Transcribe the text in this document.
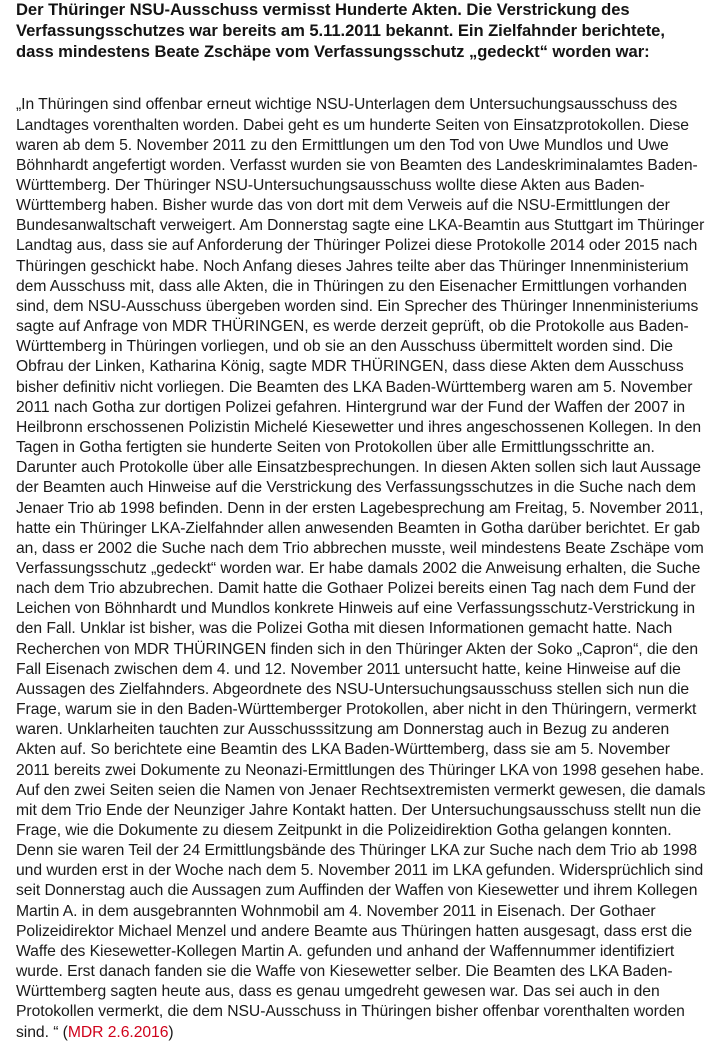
Der Thüringer NSU-Ausschuss vermisst Hunderte Akten. Die Verstrickung des Verfassungsschutzes war bereits am 5.11.2011 bekannt. Ein Zielfahnder berichtete, dass mindestens Beate Zschäpe vom Verfassungsschutz „gedeckt“ worden war:

„In Thüringen sind offenbar erneut wichtige NSU-Unterlagen dem Untersuchungsausschuss des Landtages vorenthalten worden. Dabei geht es um hunderte Seiten von Einsatzprotokollen. Diese waren ab dem 5. November 2011 zu den Ermittlungen um den Tod von Uwe Mundlos und Uwe Böhnhardt angefertigt worden. Verfasst wurden sie von Beamten des Landeskriminalamtes Baden-Württemberg. Der Thüringer NSU-Untersuchungsausschuss wollte diese Akten aus Baden-Württemberg haben. Bisher wurde das von dort mit dem Verweis auf die NSU-Ermittlungen der Bundesanwaltschaft verweigert. Am Donnerstag sagte eine LKA-Beamtin aus Stuttgart im Thüringer Landtag aus, dass sie auf Anforderung der Thüringer Polizei diese Protokolle 2014 oder 2015 nach Thüringen geschickt habe. Noch Anfang dieses Jahres teilte aber das Thüringer Innenministerium dem Ausschuss mit, dass alle Akten, die in Thüringen zu den Eisenacher Ermittlungen vorhanden sind, dem NSU-Ausschuss übergeben worden sind. Ein Sprecher des Thüringer Innenministeriums sagte auf Anfrage von MDR THÜRINGEN, es werde derzeit geprüft, ob die Protokolle aus Baden-Württemberg in Thüringen vorliegen, und ob sie an den Ausschuss übermittelt worden sind. Die Obfrau der Linken, Katharina König, sagte MDR THÜRINGEN, dass diese Akten dem Ausschuss bisher definitiv nicht vorliegen. Die Beamten des LKA Baden-Württemberg waren am 5. November 2011 nach Gotha zur dortigen Polizei gefahren. Hintergrund war der Fund der Waffen der 2007 in Heilbronn erschossenen Polizistin Michelé Kiesewetter und ihres angeschossenen Kollegen. In den Tagen in Gotha fertigten sie hunderte Seiten von Protokollen über alle Ermittlungsschritte an. Darunter auch Protokolle über alle Einsatzbesprechungen. In diesen Akten sollen sich laut Aussage der Beamten auch Hinweise auf die Verstrickung des Verfassungsschutzes in die Suche nach dem Jenaer Trio ab 1998 befinden. Denn in der ersten Lagebesprechung am Freitag, 5. November 2011, hatte ein Thüringer LKA-Zielfahnder allen anwesenden Beamten in Gotha darüber berichtet. Er gab an, dass er 2002 die Suche nach dem Trio abbrechen musste, weil mindestens Beate Zschäpe vom Verfassungsschutz „gedeckt“ worden war. Er habe damals 2002 die Anweisung erhalten, die Suche nach dem Trio abzubrechen. Damit hatte die Gothaer Polizei bereits einen Tag nach dem Fund der Leichen von Böhnhardt und Mundlos konkrete Hinweis auf eine Verfassungsschutz-Verstrickung in den Fall. Unklar ist bisher, was die Polizei Gotha mit diesen Informationen gemacht hatte. Nach Recherchen von MDR THÜRINGEN finden sich in den Thüringer Akten der Soko „Capron“, die den Fall Eisenach zwischen dem 4. und 12. November 2011 untersucht hatte, keine Hinweise auf die Aussagen des Zielfahnders. Abgeordnete des NSU-Untersuchungsausschuss stellen sich nun die Frage, warum sie in den Baden-Württemberger Protokollen, aber nicht in den Thüringern, vermerkt waren. Unklarheiten tauchten zur Ausschusssitzung am Donnerstag auch in Bezug zu anderen Akten auf. So berichtete eine Beamtin des LKA Baden-Württemberg, dass sie am 5. November 2011 bereits zwei Dokumente zu Neonazi-Ermittlungen des Thüringer LKA von 1998 gesehen habe. Auf den zwei Seiten seien die Namen von Jenaer Rechtsextremisten vermerkt gewesen, die damals mit dem Trio Ende der Neunziger Jahre Kontakt hatten. Der Untersuchungsausschuss stellt nun die Frage, wie die Dokumente zu diesem Zeitpunkt in die Polizeidirektion Gotha gelangen konnten. Denn sie waren Teil der 24 Ermittlungsbände des Thüringer LKA zur Suche nach dem Trio ab 1998 und wurden erst in der Woche nach dem 5. November 2011 im LKA gefunden. Widersprüchlich sind seit Donnerstag auch die Aussagen zum Auffinden der Waffen von Kiesewetter und ihrem Kollegen Martin A. in dem ausgebrannten Wohnmobil am 4. November 2011 in Eisenach. Der Gothaer Polizeidirektor Michael Menzel und andere Beamte aus Thüringen hatten ausgesagt, dass erst die Waffe des Kiesewetter-Kollegen Martin A. gefunden und anhand der Waffennummer identifiziert wurde. Erst danach fanden sie die Waffe von Kiesewetter selber. Die Beamten des LKA Baden-Württemberg sagten heute aus, dass es genau umgedreht gewesen war. Das sei auch in den Protokollen vermerkt, die dem NSU-Ausschuss in Thüringen bisher offenbar vorenthalten worden sind. “ (MDR 2.6.2016)
